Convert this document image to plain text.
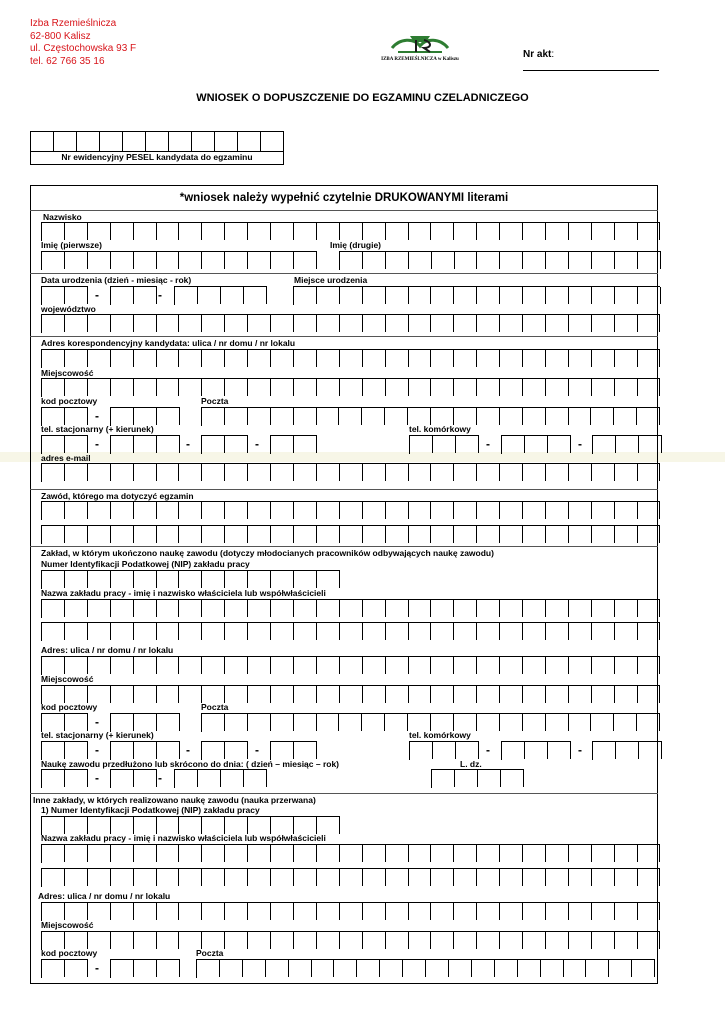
Izba Rzemieślnicza
62-800 Kalisz
ul. Częstochowska 93 F
tel. 62 766 35 16	IZBA RZEMIEŚLNICZA w Kaliszu	Nr akt:
WNIOSEK O DOPUSZCZENIE DO EGZAMINU CZELADNICZEGO
Nr ewidencyjny PESEL kandydata do egzaminu
*wniosek należy wypełnić czytelnie DRUKOWANYMI literami
Nazwisko
Imię (pierwsze)	Imię (drugie)
Data urodzenia (dzień - miesiąc - rok)	Miejsce urodzenia
-	-
województwo
Adres korespondencyjny kandydata: ulica / nr domu / nr lokalu
Miejscowość
kod pocztowy	Poczta
-
tel. stacjonarny (+ kierunek)	tel. komórkowy
-	-	-	-	-
adres e-mail
Zawód, którego ma dotyczyć egzamin
Zakład, w którym ukończono naukę zawodu (dotyczy młodocianych pracowników odbywających naukę zawodu)
Numer Identyfikacji Podatkowej (NIP) zakładu pracy
Nazwa zakładu pracy - imię i nazwisko właściciela lub współwłaścicieli
Adres: ulica / nr domu / nr lokalu
Miejscowość
kod pocztowy	Poczta
-
tel. stacjonarny (+ kierunek)	tel. komórkowy
-	-	-	-	-
Naukę zawodu przedłużono lub skrócono do dnia: ( dzień – miesiąc – rok)	L. dz.
-	-
Inne zakłady, w których realizowano naukę zawodu (nauka przerwana)
1) Numer Identyfikacji Podatkowej (NIP) zakładu pracy
Nazwa zakładu pracy - imię i nazwisko właściciela lub współwłaścicieli
Adres: ulica / nr domu / nr lokalu
Miejscowość
kod pocztowy	Poczta
-
